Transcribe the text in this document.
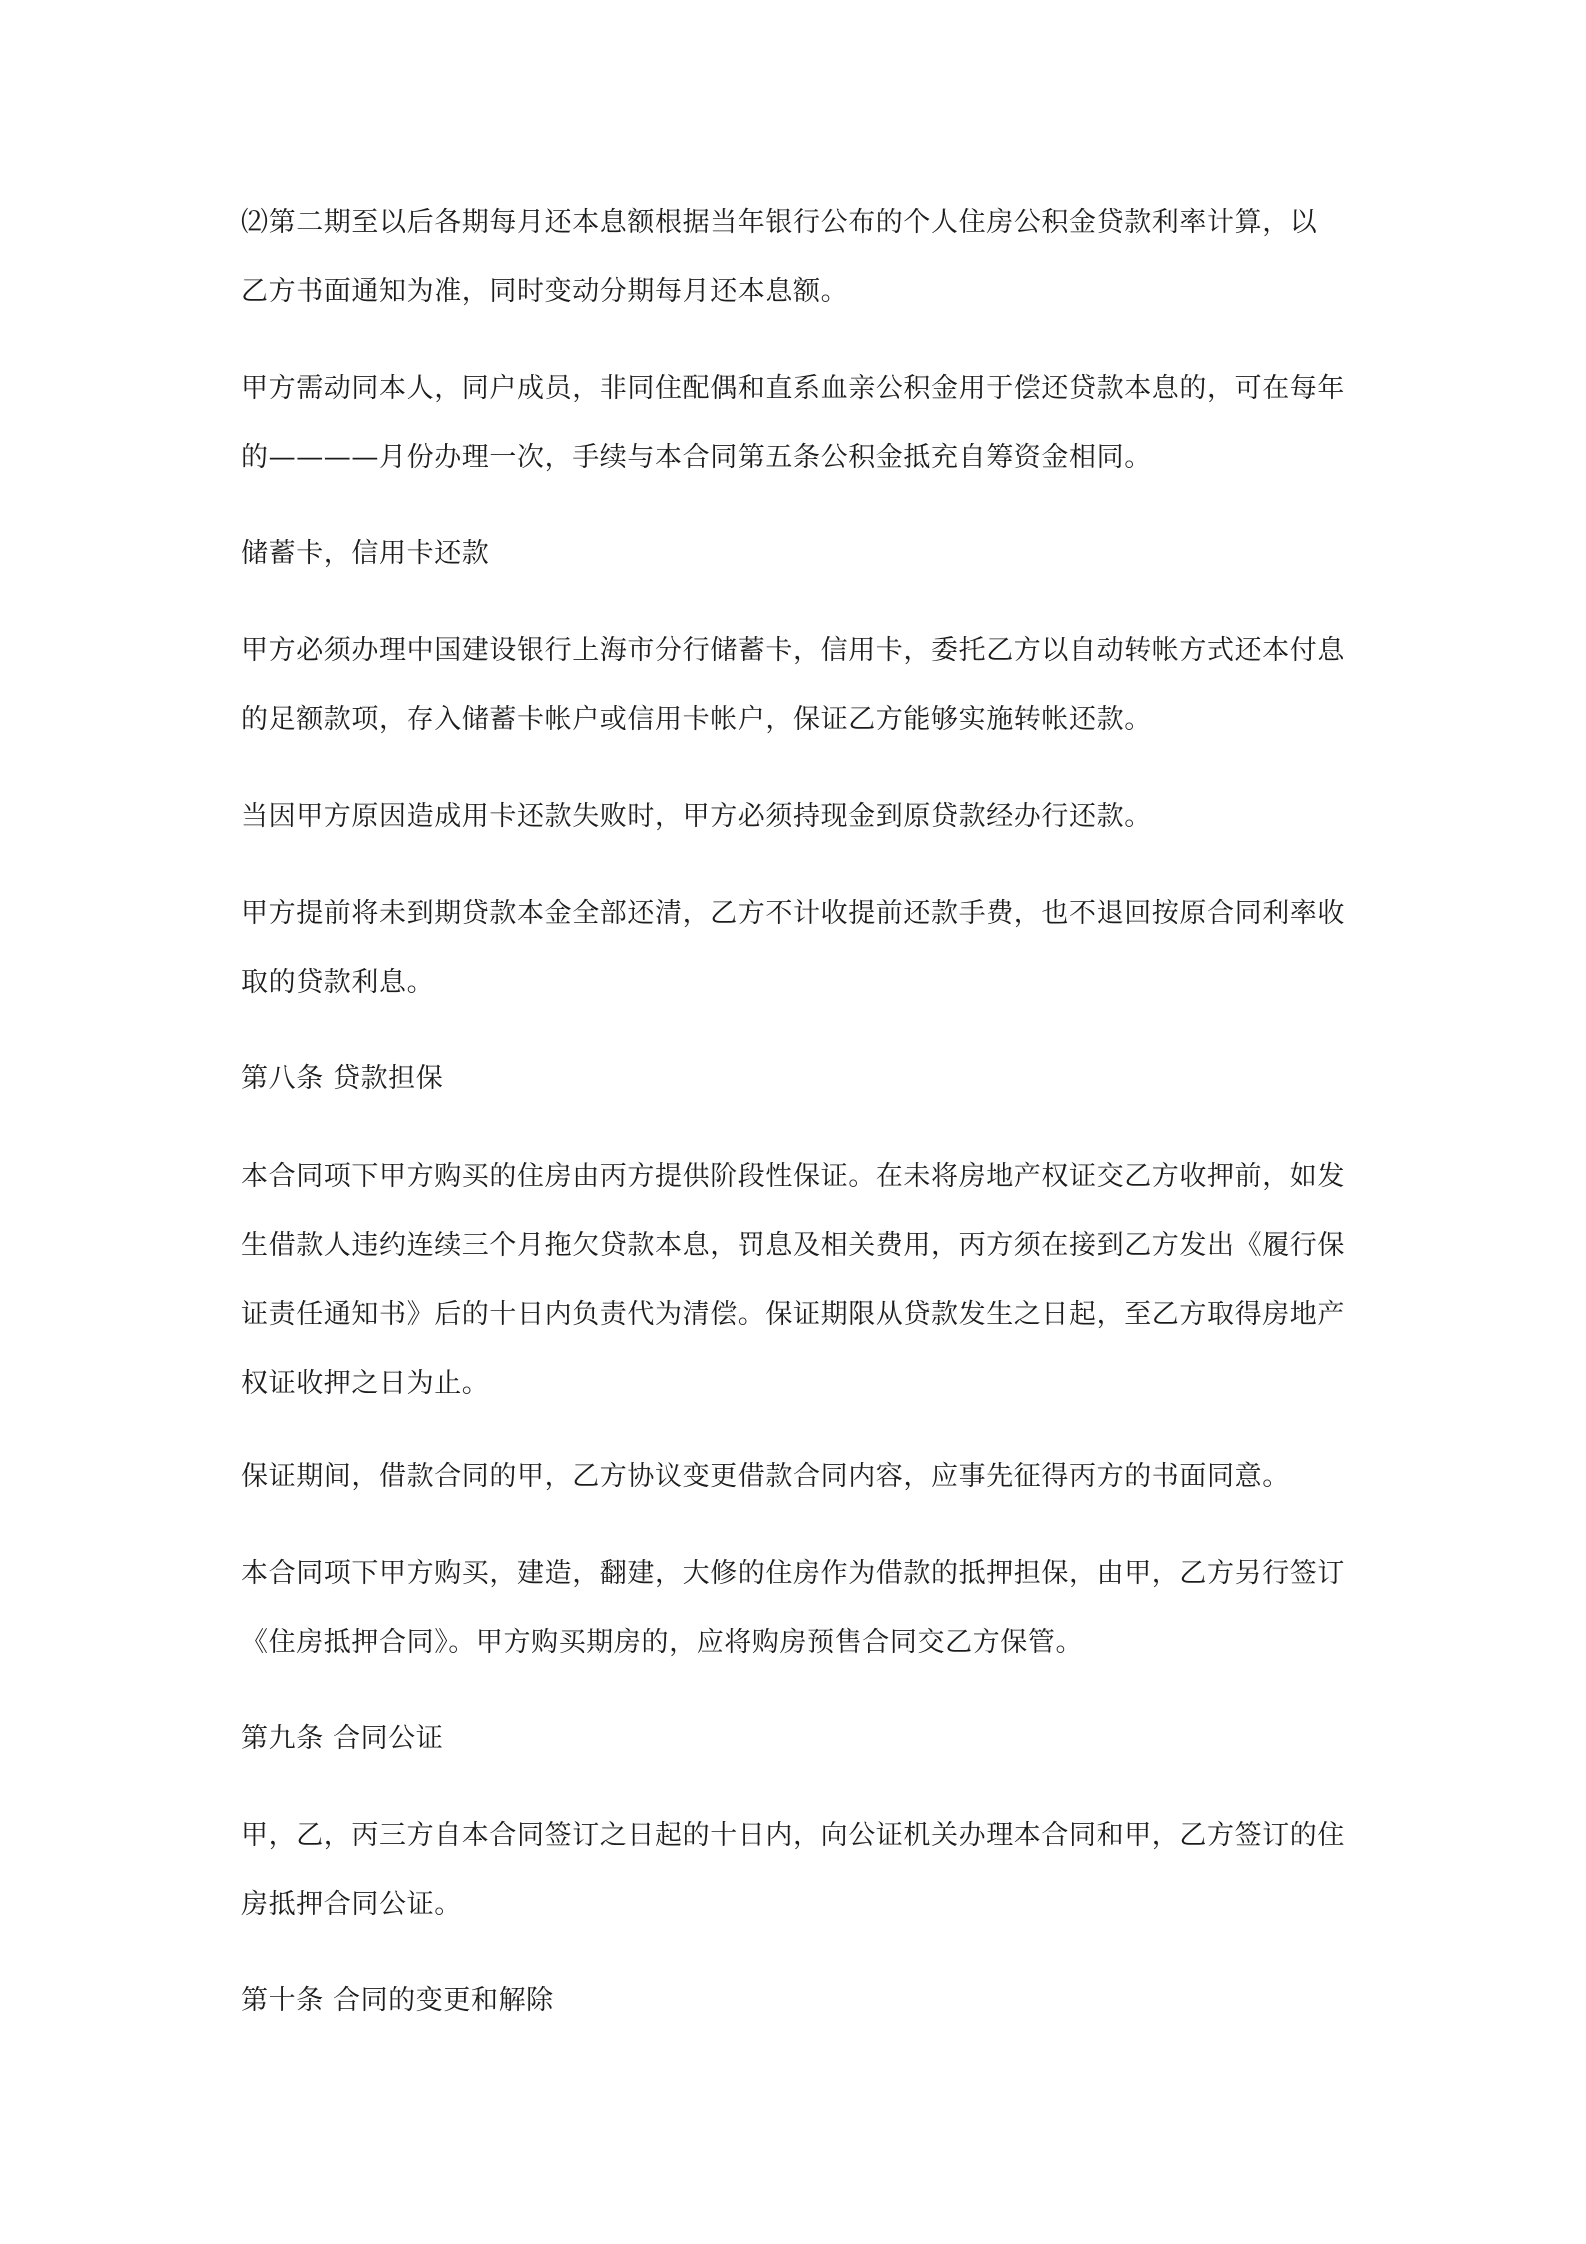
⑵第二期至以后各期每月还本息额根据当年银行公布的个人住房公积金贷款利率计算，以
乙方书面通知为准，同时变动分期每月还本息额。

甲方需动同本人，同户成员，非同住配偶和直系血亲公积金用于偿还贷款本息的，可在每年
的————月份办理一次，手续与本合同第五条公积金抵充自筹资金相同。

储蓄卡，信用卡还款

甲方必须办理中国建设银行上海市分行储蓄卡，信用卡，委托乙方以自动转帐方式还本付息
的足额款项，存入储蓄卡帐户或信用卡帐户，保证乙方能够实施转帐还款。

当因甲方原因造成用卡还款失败时，甲方必须持现金到原贷款经办行还款。

甲方提前将未到期贷款本金全部还清，乙方不计收提前还款手费，也不退回按原合同利率收
取的贷款利息。

第八条 贷款担保

本合同项下甲方购买的住房由丙方提供阶段性保证。在未将房地产权证交乙方收押前，如发
生借款人违约连续三个月拖欠贷款本息，罚息及相关费用，丙方须在接到乙方发出《履行保
证责任通知书》后的十日内负责代为清偿。保证期限从贷款发生之日起，至乙方取得房地产
权证收押之日为止。

保证期间，借款合同的甲，乙方协议变更借款合同内容，应事先征得丙方的书面同意。

本合同项下甲方购买，建造，翻建，大修的住房作为借款的抵押担保，由甲，乙方另行签订
《住房抵押合同》。甲方购买期房的，应将购房预售合同交乙方保管。

第九条 合同公证

甲，乙，丙三方自本合同签订之日起的十日内，向公证机关办理本合同和甲，乙方签订的住
房抵押合同公证。

第十条 合同的变更和解除
